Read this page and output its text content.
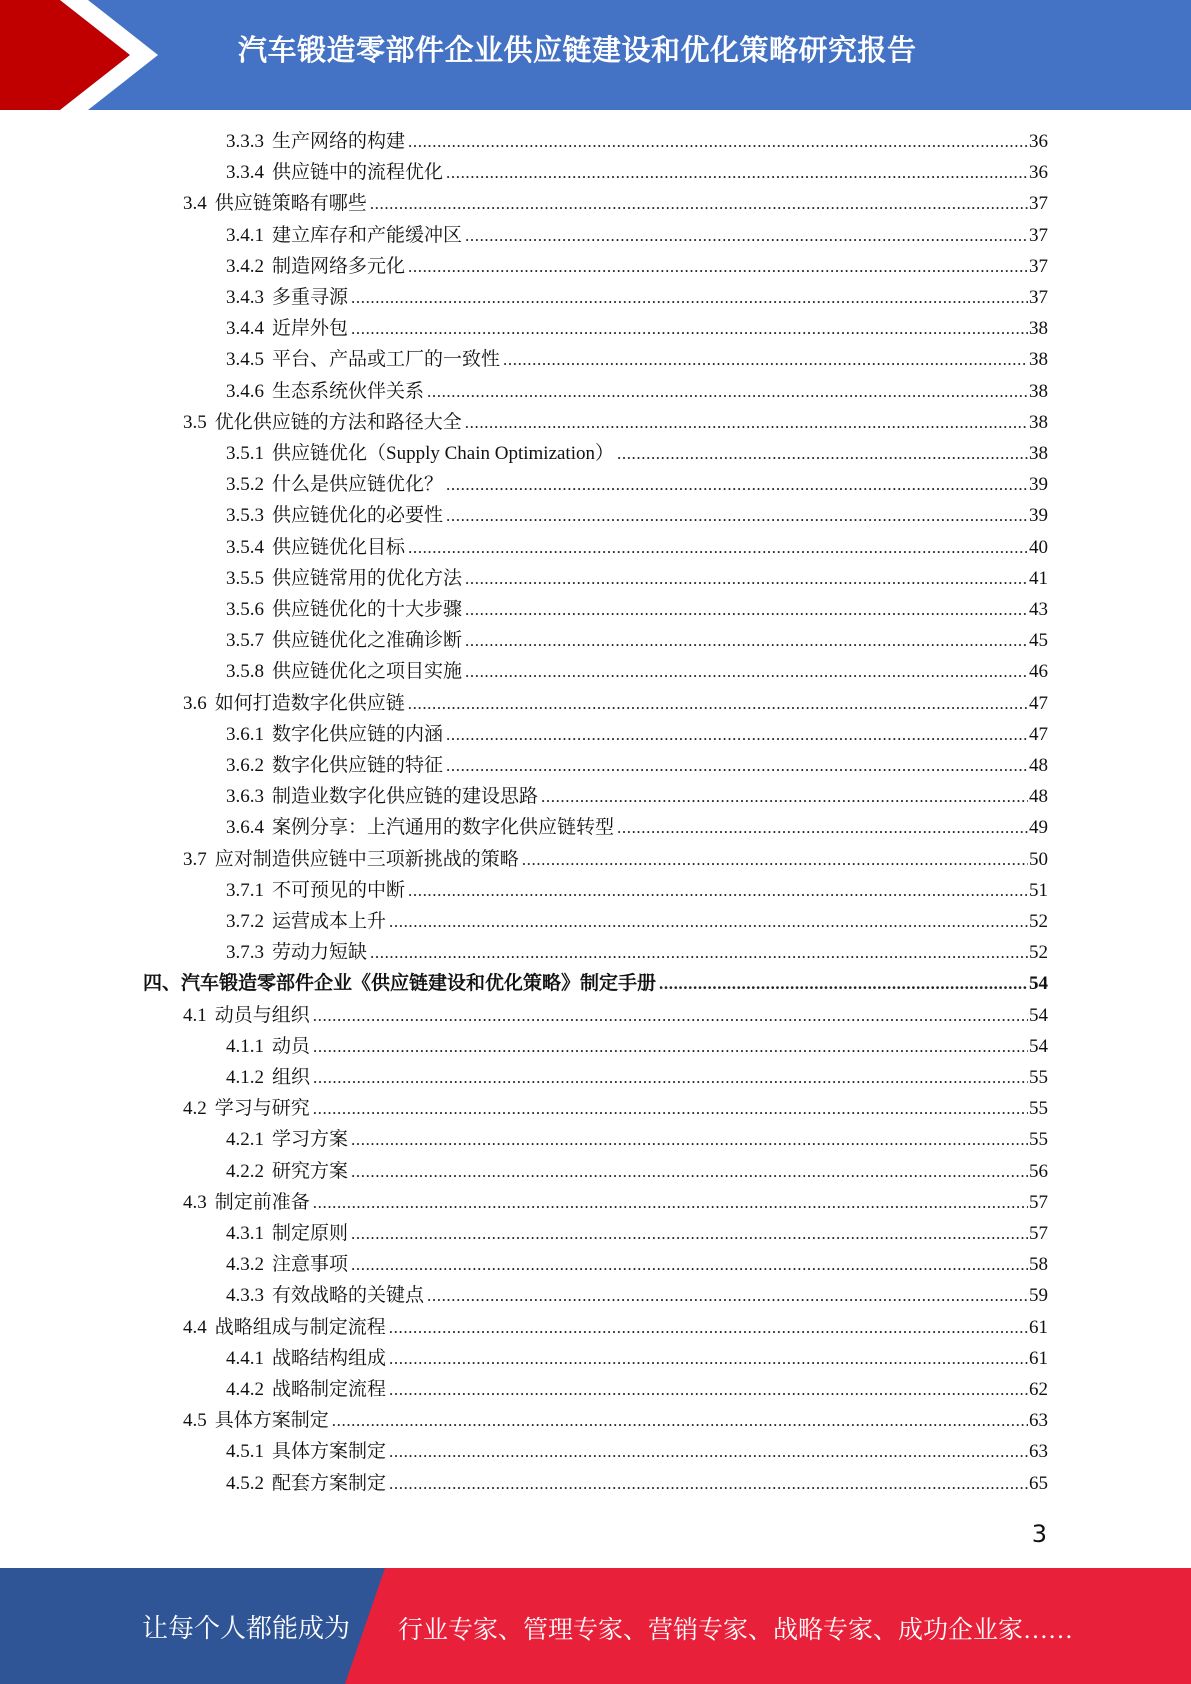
汽车锻造零部件企业供应链建设和优化策略研究报告
3.3.3 生产网络的构建 .....	36
3.3.4 供应链中的流程优化 .....	36
3.4 供应链策略有哪些 .....	37
3.4.1 建立库存和产能缓冲区 .....	37
3.4.2 制造网络多元化 .....	37
3.4.3 多重寻源 .....	37
3.4.4 近岸外包 .....	38
3.4.5 平台、产品或工厂的一致性 .....	38
3.4.6 生态系统伙伴关系 .....	38
3.5 优化供应链的方法和路径大全 .....	38
3.5.1 供应链优化（Supply Chain Optimization） .....	38
3.5.2 什么是供应链优化？ .....	39
3.5.3 供应链优化的必要性 .....	39
3.5.4 供应链优化目标 .....	40
3.5.5 供应链常用的优化方法 .....	41
3.5.6 供应链优化的十大步骤 .....	43
3.5.7 供应链优化之准确诊断 .....	45
3.5.8 供应链优化之项目实施 .....	46
3.6 如何打造数字化供应链 .....	47
3.6.1 数字化供应链的内涵 .....	47
3.6.2 数字化供应链的特征 .....	48
3.6.3 制造业数字化供应链的建设思路 .....	48
3.6.4 案例分享：上汽通用的数字化供应链转型 .....	49
3.7 应对制造供应链中三项新挑战的策略 .....	50
3.7.1 不可预见的中断 .....	51
3.7.2 运营成本上升 .....	52
3.7.3 劳动力短缺 .....	52
四、汽车锻造零部件企业《供应链建设和优化策略》制定手册 .....	54
4.1 动员与组织 .....	54
4.1.1 动员 .....	54
4.1.2 组织 .....	55
4.2 学习与研究 .....	55
4.2.1 学习方案 .....	55
4.2.2 研究方案 .....	56
4.3 制定前准备 .....	57
4.3.1 制定原则 .....	57
4.3.2 注意事项 .....	58
4.3.3 有效战略的关键点 .....	59
4.4 战略组成与制定流程 .....	61
4.4.1 战略结构组成 .....	61
4.4.2 战略制定流程 .....	62
4.5 具体方案制定 .....	63
4.5.1 具体方案制定 .....	63
4.5.2 配套方案制定 .....	65
3
让每个人都能成为 行业专家、管理专家、营销专家、战略专家、成功企业家……
